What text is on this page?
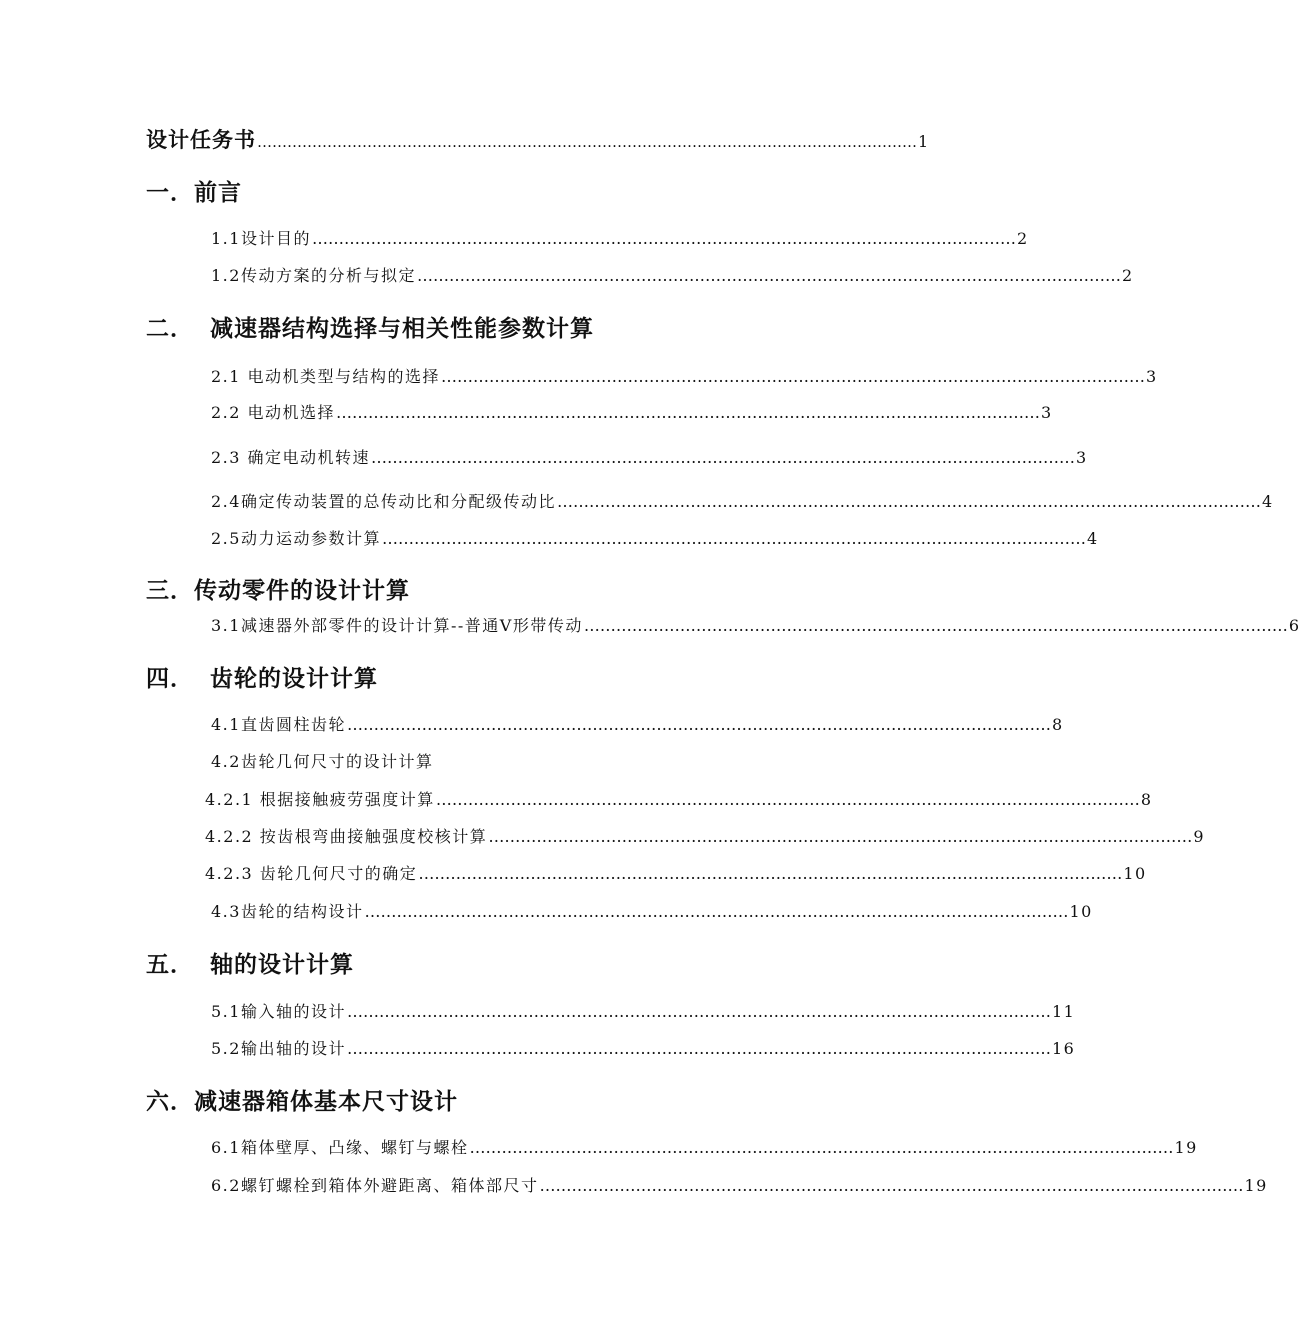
设计任务书 …………………………………………………………………………………………………………………… 1
一．前言
1.1设计目的 …………………………………………………………………………………………………………………… 2
1.2传动方案的分析与拟定 …………………………………………………………………………………………………………………… 2
二． 减速器结构选择与相关性能参数计算
2.1 电动机类型与结构的选择 …………………………………………………………………………………………………………………… 3
2.2 电动机选择 …………………………………………………………………………………………………………………… 3
2.3 确定电动机转速 …………………………………………………………………………………………………………………… 3
2.4确定传动装置的总传动比和分配级传动比 …………………………………………………………………………………………………………………… 4
2.5动力运动参数计算 …………………………………………………………………………………………………………………… 4
三．传动零件的设计计算
3.1减速器外部零件的设计计算--普通V形带传动 …………………………………………………………………………………………………………………… 6
四． 齿轮的设计计算
4.1直齿圆柱齿轮 …………………………………………………………………………………………………………………… 8
4.2齿轮几何尺寸的设计计算
4.2.1 根据接触疲劳强度计算 …………………………………………………………………………………………………………………… 8
4.2.2 按齿根弯曲接触强度校核计算 …………………………………………………………………………………………………………………… 9
4.2.3 齿轮几何尺寸的确定 …………………………………………………………………………………………………………………… 10
4.3齿轮的结构设计 …………………………………………………………………………………………………………………… 10
五． 轴的设计计算
5.1输入轴的设计 …………………………………………………………………………………………………………………… 11
5.2输出轴的设计 …………………………………………………………………………………………………………………… 16
六．减速器箱体基本尺寸设计
6.1箱体壁厚、凸缘、螺钉与螺栓 …………………………………………………………………………………………………………………… 19
6.2螺钉螺栓到箱体外避距离、箱体部尺寸 …………………………………………………………………………………………………………………… 19
